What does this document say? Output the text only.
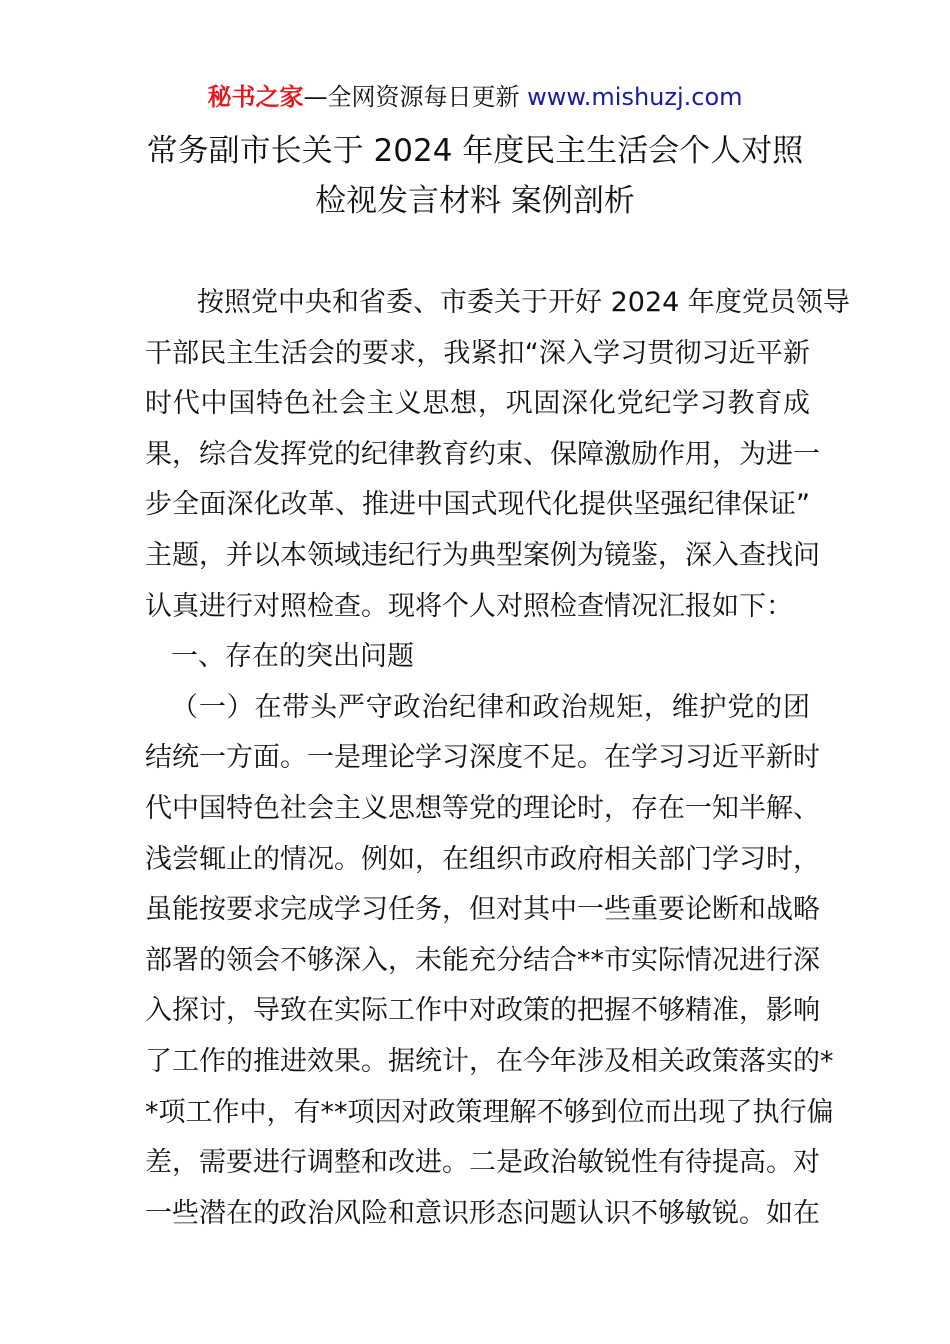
秘书之家—全网资源每日更新 www.mishuzj.com
常务副市长关于 2024 年度民主生活会个人对照
检视发言材料 案例剖析
按照党中央和省委、市委关于开好 2024 年度党员领导
干部民主生活会的要求，我紧扣“深入学习贯彻习近平新
时代中国特色社会主义思想，巩固深化党纪学习教育成
果，综合发挥党的纪律教育约束、保障激励作用，为进一
步全面深化改革、推进中国式现代化提供坚强纪律保证”
主题，并以本领域违纪行为典型案例为镜鉴，深入查找问
认真进行对照检查。现将个人对照检查情况汇报如下：
一、存在的突出问题
（一）在带头严守政治纪律和政治规矩，维护党的团
结统一方面。一是理论学习深度不足。在学习习近平新时
代中国特色社会主义思想等党的理论时，存在一知半解、
浅尝辄止的情况。例如，在组织市政府相关部门学习时，
虽能按要求完成学习任务，但对其中一些重要论断和战略
部署的领会不够深入，未能充分结合**市实际情况进行深
入探讨，导致在实际工作中对政策的把握不够精准，影响
了工作的推进效果。据统计，在今年涉及相关政策落实的*
*项工作中，有**项因对政策理解不够到位而出现了执行偏
差，需要进行调整和改进。二是政治敏锐性有待提高。对
一些潜在的政治风险和意识形态问题认识不够敏锐。如在
